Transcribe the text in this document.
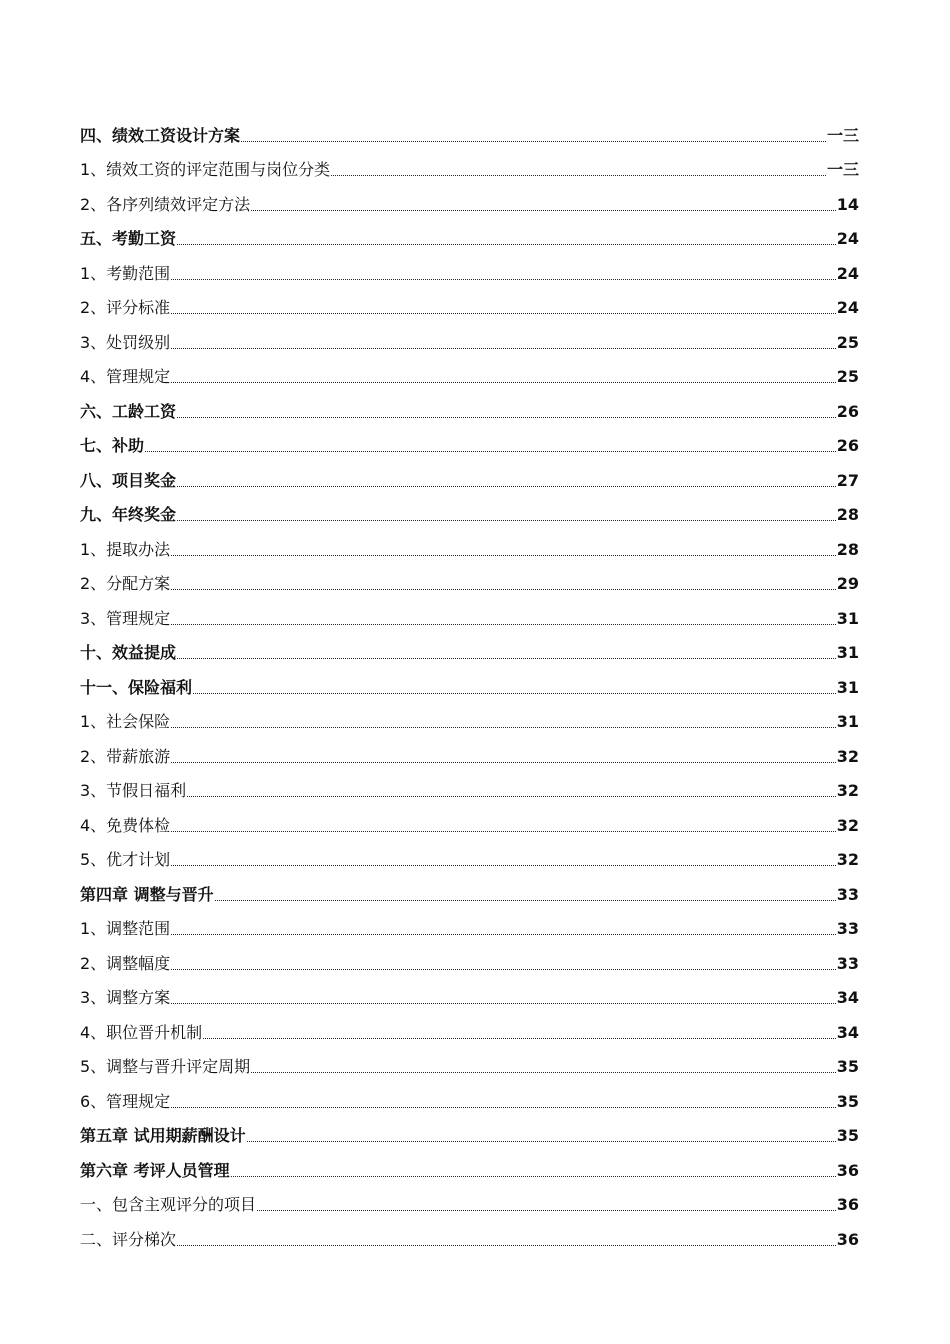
四、绩效工资设计方案	一三
1、绩效工资的评定范围与岗位分类	一三
2、各序列绩效评定方法	14
五、考勤工资	24
1、考勤范围	24
2、评分标准	24
3、处罚级别	25
4、管理规定	25
六、工龄工资	26
七、补助	26
八、项目奖金	27
九、年终奖金	28
1、提取办法	28
2、分配方案	29
3、管理规定	31
十、效益提成	31
十一、保险福利	31
1、社会保险	31
2、带薪旅游	32
3、节假日福利	32
4、免费体检	32
5、优才计划	32
第四章 调整与晋升	33
1、调整范围	33
2、调整幅度	33
3、调整方案	34
4、职位晋升机制	34
5、调整与晋升评定周期	35
6、管理规定	35
第五章 试用期薪酬设计	35
第六章 考评人员管理	36
一、包含主观评分的项目	36
二、评分梯次	36
